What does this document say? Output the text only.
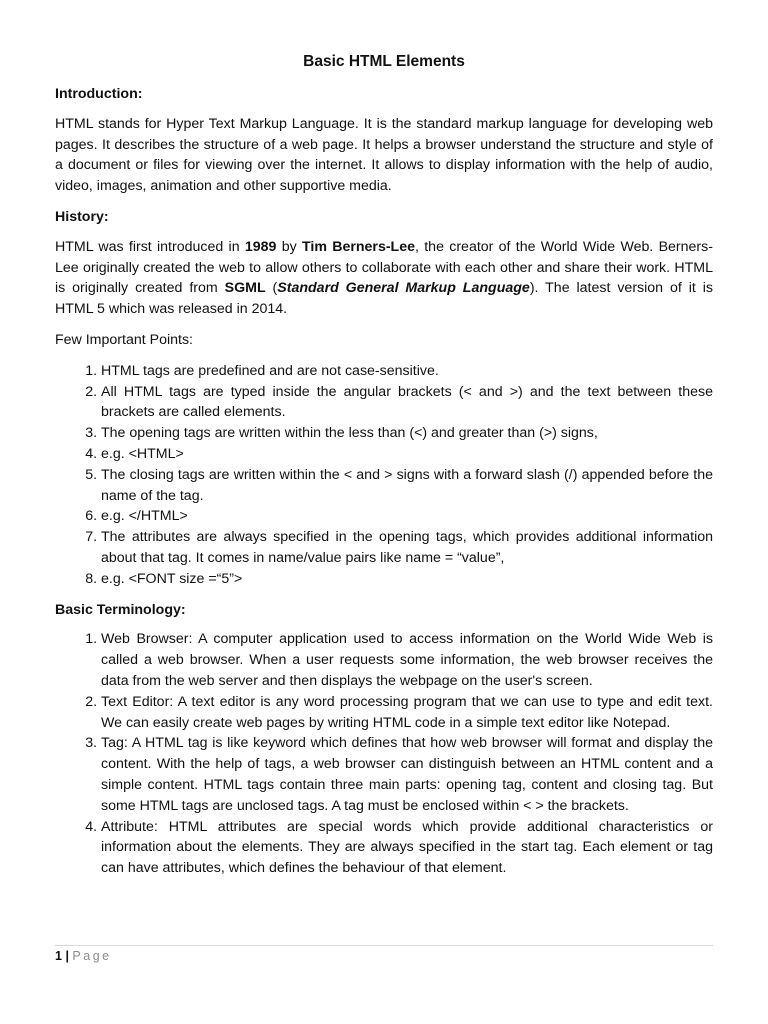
Basic HTML Elements
Introduction:

HTML stands for Hyper Text Markup Language. It is the standard markup language for developing web pages. It describes the structure of a web page. It helps a browser understand the structure and style of a document or files for viewing over the internet. It allows to display information with the help of audio, video, images, animation and other supportive media.

History:

HTML was first introduced in 1989 by Tim Berners-Lee, the creator of the World Wide Web. Berners-Lee originally created the web to allow others to collaborate with each other and share their work. HTML is originally created from SGML (Standard General Markup Language). The latest version of it is HTML 5 which was released in 2014.

Few Important Points:

1. HTML tags are predefined and are not case-sensitive.
2. All HTML tags are typed inside the angular brackets (< and >) and the text between these brackets are called elements.
3. The opening tags are written within the less than (<) and greater than (>) signs,
4. e.g. <HTML>
5. The closing tags are written within the < and > signs with a forward slash (/) appended before the name of the tag.
6. e.g. </HTML>
7. The attributes are always specified in the opening tags, which provides additional information about that tag. It comes in name/value pairs like name = “value”,
8. e.g. <FONT size =“5”>
Basic Terminology:
1. Web Browser: A computer application used to access information on the World Wide Web is called a web browser. When a user requests some information, the web browser receives the data from the web server and then displays the webpage on the user's screen.
2. Text Editor: A text editor is any word processing program that we can use to type and edit text. We can easily create web pages by writing HTML code in a simple text editor like Notepad.
3. Tag: A HTML tag is like keyword which defines that how web browser will format and display the content. With the help of tags, a web browser can distinguish between an HTML content and a simple content. HTML tags contain three main parts: opening tag, content and closing tag. But some HTML tags are unclosed tags. A tag must be enclosed within < > the brackets.
4. Attribute: HTML attributes are special words which provide additional characteristics or information about the elements. They are always specified in the start tag. Each element or tag can have attributes, which defines the behaviour of that element.
1 | Page
